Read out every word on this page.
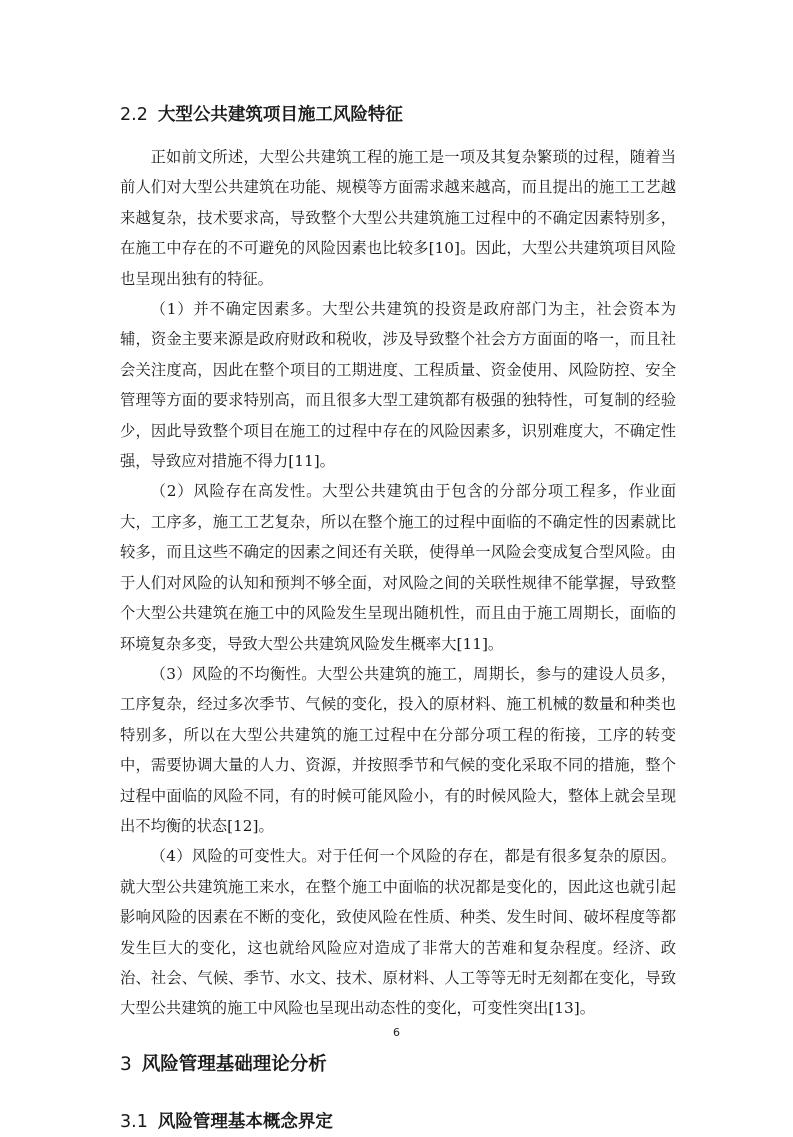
2.2 大型公共建筑项目施工风险特征

正如前文所述，大型公共建筑工程的施工是一项及其复杂繁琐的过程，随着当前人们对大型公共建筑在功能、规模等方面需求越来越高，而且提出的施工工艺越来越复杂，技术要求高，导致整个大型公共建筑施工过程中的不确定因素特别多，在施工中存在的不可避免的风险因素也比较多[10]。因此，大型公共建筑项目风险也呈现出独有的特征。

（1）并不确定因素多。大型公共建筑的投资是政府部门为主，社会资本为辅，资金主要来源是政府财政和税收，涉及导致整个社会方方面面的咯一，而且社会关注度高，因此在整个项目的工期进度、工程质量、资金使用、风险防控、安全管理等方面的要求特别高，而且很多大型工建筑都有极强的独特性，可复制的经验少，因此导致整个项目在施工的过程中存在的风险因素多，识别难度大，不确定性强，导致应对措施不得力[11]。

（2）风险存在高发性。大型公共建筑由于包含的分部分项工程多，作业面大，工序多，施工工艺复杂，所以在整个施工的过程中面临的不确定性的因素就比较多，而且这些不确定的因素之间还有关联，使得单一风险会变成复合型风险。由于人们对风险的认知和预判不够全面，对风险之间的关联性规律不能掌握，导致整个大型公共建筑在施工中的风险发生呈现出随机性，而且由于施工周期长，面临的环境复杂多变，导致大型公共建筑风险发生概率大[11]。

（3）风险的不均衡性。大型公共建筑的施工，周期长，参与的建设人员多，工序复杂，经过多次季节、气候的变化，投入的原材料、施工机械的数量和种类也特别多，所以在大型公共建筑的施工过程中在分部分项工程的衔接，工序的转变中，需要协调大量的人力、资源，并按照季节和气候的变化采取不同的措施，整个过程中面临的风险不同，有的时候可能风险小，有的时候风险大，整体上就会呈现出不均衡的状态[12]。

（4）风险的可变性大。对于任何一个风险的存在，都是有很多复杂的原因。就大型公共建筑施工来水，在整个施工中面临的状况都是变化的，因此这也就引起影响风险的因素在不断的变化，致使风险在性质、种类、发生时间、破坏程度等都发生巨大的变化，这也就给风险应对造成了非常大的苦难和复杂程度。经济、政治、社会、气候、季节、水文、技术、原材料、人工等等无时无刻都在变化，导致大型公共建筑的施工中风险也呈现出动态性的变化，可变性突出[13]。

3 风险管理基础理论分析
3.1 风险管理基本概念界定
6
